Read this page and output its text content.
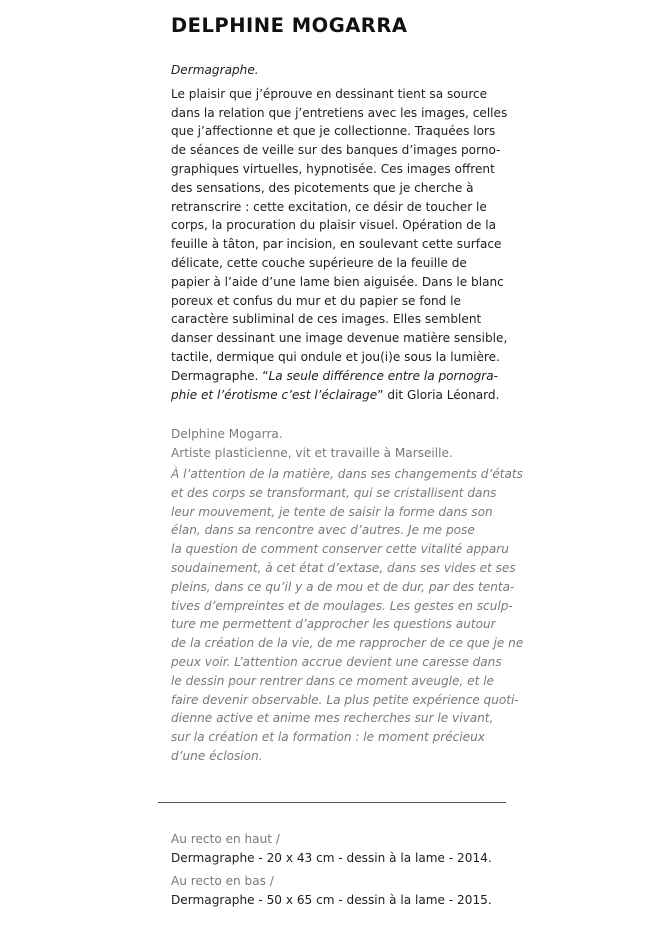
DELPHINE MOGARRA
Dermagraphe.
Le plaisir que j’éprouve en dessinant tient sa source
dans la relation que j’entretiens avec les images, celles
que j’affectionne et que je collectionne. Traquées lors
de séances de veille sur des banques d’images porno-
graphiques virtuelles, hypnotisée. Ces images offrent
des sensations, des picotements que je cherche à
retranscrire : cette excitation, ce désir de toucher le
corps, la procuration du plaisir visuel. Opération de la
feuille à tâton, par incision, en soulevant cette surface
délicate, cette couche supérieure de la feuille de
papier à l’aide d’une lame bien aiguisée. Dans le blanc
poreux et confus du mur et du papier se fond le
caractère subliminal de ces images. Elles semblent
danser dessinant une image devenue matière sensible,
tactile, dermique qui ondule et jou(i)e sous la lumière.
Dermagraphe. “La seule différence entre la pornogra-
phie et l’érotisme c’est l’éclairage” dit Gloria Léonard.
Delphine Mogarra.
Artiste plasticienne, vit et travaille à Marseille.
À l’attention de la matière, dans ses changements d’états
et des corps se transformant, qui se cristallisent dans
leur mouvement, je tente de saisir la forme dans son
élan, dans sa rencontre avec d’autres. Je me pose
la question de comment conserver cette vitalité apparu
soudainement, à cet état d’extase, dans ses vides et ses
pleins, dans ce qu’il y a de mou et de dur, par des tenta-
tives d’empreintes et de moulages. Les gestes en sculp-
ture me permettent d’approcher les questions autour
de la création de la vie, de me rapprocher de ce que je ne
peux voir. L’attention accrue devient une caresse dans
le dessin pour rentrer dans ce moment aveugle, et le
faire devenir observable. La plus petite expérience quoti-
dienne active et anime mes recherches sur le vivant,
sur la création et la formation : le moment précieux
d’une éclosion.
Au recto en haut /
Dermagraphe - 20 x 43 cm - dessin à la lame - 2014.
Au recto en bas /
Dermagraphe - 50 x 65 cm - dessin à la lame - 2015.
